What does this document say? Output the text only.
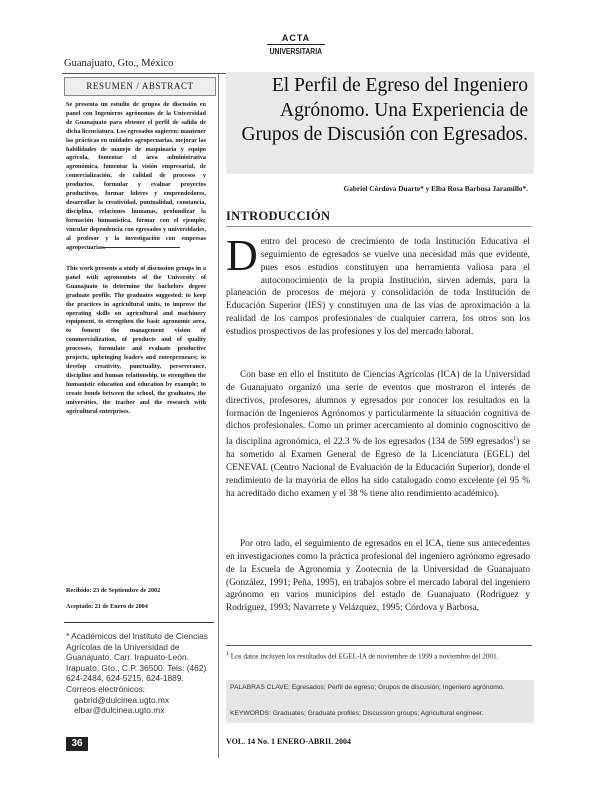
Guanajuato, Gto., México
ACTA
UNIVERSITARIA
RESUMEN / ABSTRACT
Se presenta un estudio de grupos de discusión en panel con Ingenieros agrónomos de la Universidad de Guanajuato para obtener el perfil de salida de dicha licenciatura. Los egresados sugieren: mantener las prácticas en unidades agropecuarias, mejorar las habilidades de manejo de maquinaria y equipo agrícola, fomentar el área administrativa agronómica, fomentar la visión empresarial, de comercialización, de calidad de procesos y productos, formular y evaluar proyectos productivos, formar líderes y emprendedores, desarrollar la creatividad, puntualidad, constancia, disciplina, relaciones humanas, profundizar la formación humanística, formar con el ejemplo; vincular dependencia con egresados y universidades, al profesor y la investigación con empresas agropecuarias.
This work presents a study of discussion groups in a panel with agronomists of the University of Guanajuato to determine the bachelors degree graduate profile. The graduates suggested: to keep the practices in agricultural units, to improve the operating skills on agricultural and machinery equipment, to strengthen the basic agronomic area, to foment the management vision of commercialization, of products and of quality processes, formulate and evaluate productive projects, upbringing leaders and entrepreneurs; to develop creativity, punctuality, perseverance, discipline and human relationship, to strengthen the humanistic education and education by example; to create bonds between the school, the graduates, the universities, the teacher and the research with agricultural enterprises.
Recibido: 23 de Septiembre de 2002
Aceptado: 21 de Enero de 2004
* Académicos del Instituto de Ciencias Agrícolas de la Universidad de Guanajuato. Carr. Irapuato-León. Irapuato, Gto., C.P. 36500. Tels: (462) 624-2484, 624-5215, 624-1889. Correos electrónicos:
gabrid@dulcinea.ugto.mx
elbar@dulcinea.ugto.mx
36
El Perfil de Egreso del Ingeniero Agrónomo. Una Experiencia de Grupos de Discusión con Egresados.
Gabriel Córdova Duarte* y Elba Rosa Barbosa Jaramillo*.
INTRODUCCIÓN
D entro del proceso de crecimiento de toda Institución Educativa el seguimiento de egresados se vuelve una necesidad más que evidente, pues esos estudios constituyen una herramienta valiosa para el autoconocimiento de la propia Institución, sirven además, para la planeación de procesos de mejora y consolidación de toda Institución de Educación Superior (IES) y constituyen una de las vías de aproximación a la realidad de los campos profesionales de cualquier carrera, los otros son los estudios prospectivos de las profesiones y los del mercado laboral.
Con base en ello el Instituto de Ciencias Agrícolas (ICA) de la Universidad de Guanajuato organizó una serie de eventos que mostraron el interés de directivos, profesores, alumnos y egresados por conocer los resultados en la formación de Ingenieros Agrónomos y particularmente la situación cognitiva de dichos profesionales. Como un primer acercamiento al dominio cognoscitivo de la disciplina agronómica, el 22.3 % de los egresados (134 de 599 egresados$^1$) se ha sometido al Examen General de Egreso de la Licenciatura (EGEL) del CENEVAL (Centro Nacional de Evaluación de la Educación Superior), donde el rendimiento de la mayoría de ellos ha sido catalogado como excelente (el 95 % ha acreditado dicho examen y el 38 % tiene alto rendimiento académico).
Por otro lado, el seguimiento de egresados en el ICA, tiene sus antecedentes en investigaciones como la práctica profesional del ingeniero agrónomo egresado de la Escuela de Agronomía y Zootecnia de la Universidad de Guanajuato (González, 1991; Peña, 1995), en trabajos sobre el mercado laboral del ingeniero agrónomo en varios municipios del estado de Guanajuato (Rodríguez y Rodríguez, 1993; Navarrete y Velázquez, 1995; Córdova y Barbosa,
$^1$ Los datos incluyen los resultados del EGEL-IA de noviembre de 1999 a noviembre del 2001.
PALABRAS CLAVE: Egresados; Perfil de egreso; Grupos de discusión; Ingeniero agrónomo.
KEYWORDS: Graduates; Graduate profiles; Discussion groups; Agricultural engineer.
VOL. 14 No. 1 ENERO-ABRIL 2004
